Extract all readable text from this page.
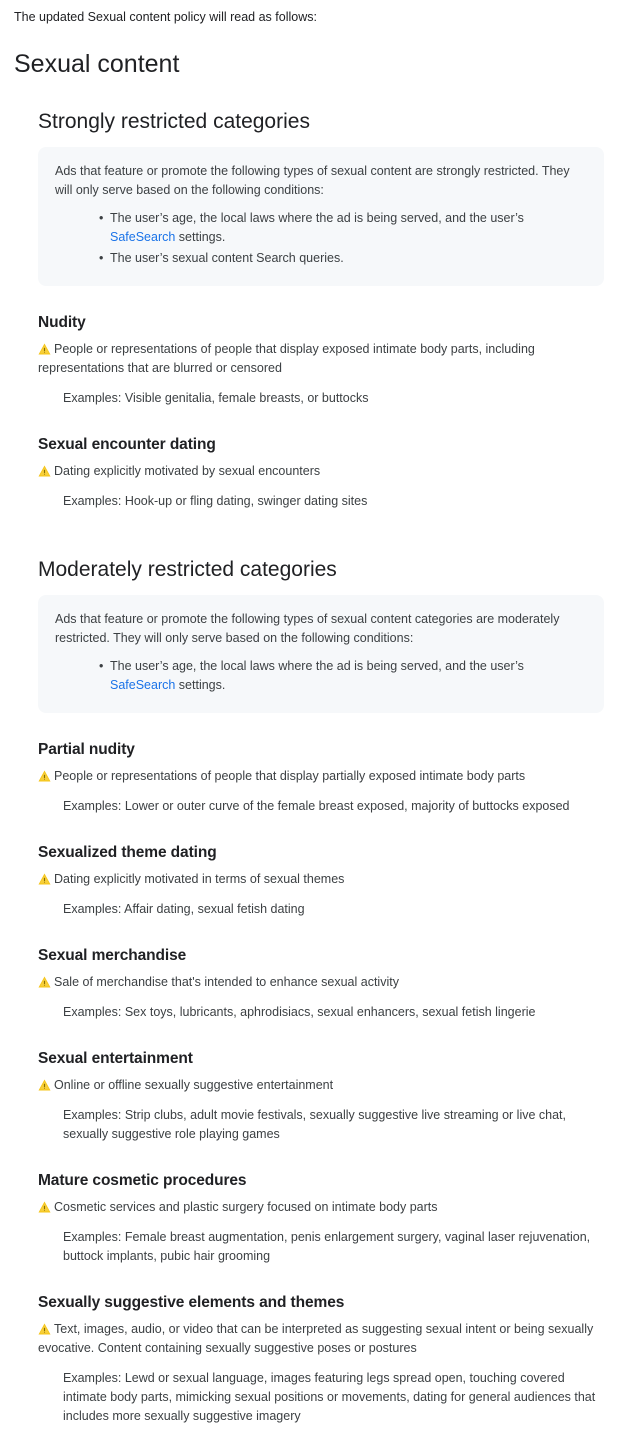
The updated Sexual content policy will read as follows:

Sexual content
Strongly restricted categories

Ads that feature or promote the following types of sexual content are strongly restricted. They will only serve based on the following conditions:

• The user’s age, the local laws where the ad is being served, and the user’s SafeSearch settings.
• The user’s sexual content Search queries.
Nudity

People or representations of people that display exposed intimate body parts, including representations that are blurred or censored

Examples: Visible genitalia, female breasts, or buttocks

Sexual encounter dating

Dating explicitly motivated by sexual encounters

Examples: Hook-up or fling dating, swinger dating sites

Moderately restricted categories

Ads that feature or promote the following types of sexual content categories are moderately restricted. They will only serve based on the following conditions:

• The user’s age, the local laws where the ad is being served, and the user’s SafeSearch settings.
Partial nudity

People or representations of people that display partially exposed intimate body parts

Examples: Lower or outer curve of the female breast exposed, majority of buttocks exposed

Sexualized theme dating

Dating explicitly motivated in terms of sexual themes

Examples: Affair dating, sexual fetish dating

Sexual merchandise

Sale of merchandise that's intended to enhance sexual activity

Examples: Sex toys, lubricants, aphrodisiacs, sexual enhancers, sexual fetish lingerie

Sexual entertainment

Online or offline sexually suggestive entertainment

Examples: Strip clubs, adult movie festivals, sexually suggestive live streaming or live chat, sexually suggestive role playing games

Mature cosmetic procedures

Cosmetic services and plastic surgery focused on intimate body parts

Examples: Female breast augmentation, penis enlargement surgery, vaginal laser rejuvenation, buttock implants, pubic hair grooming

Sexually suggestive elements and themes

Text, images, audio, or video that can be interpreted as suggesting sexual intent or being sexually evocative. Content containing sexually suggestive poses or postures

Examples: Lewd or sexual language, images featuring legs spread open, touching covered intimate body parts, mimicking sexual positions or movements, dating for general audiences that includes more sexually suggestive imagery
